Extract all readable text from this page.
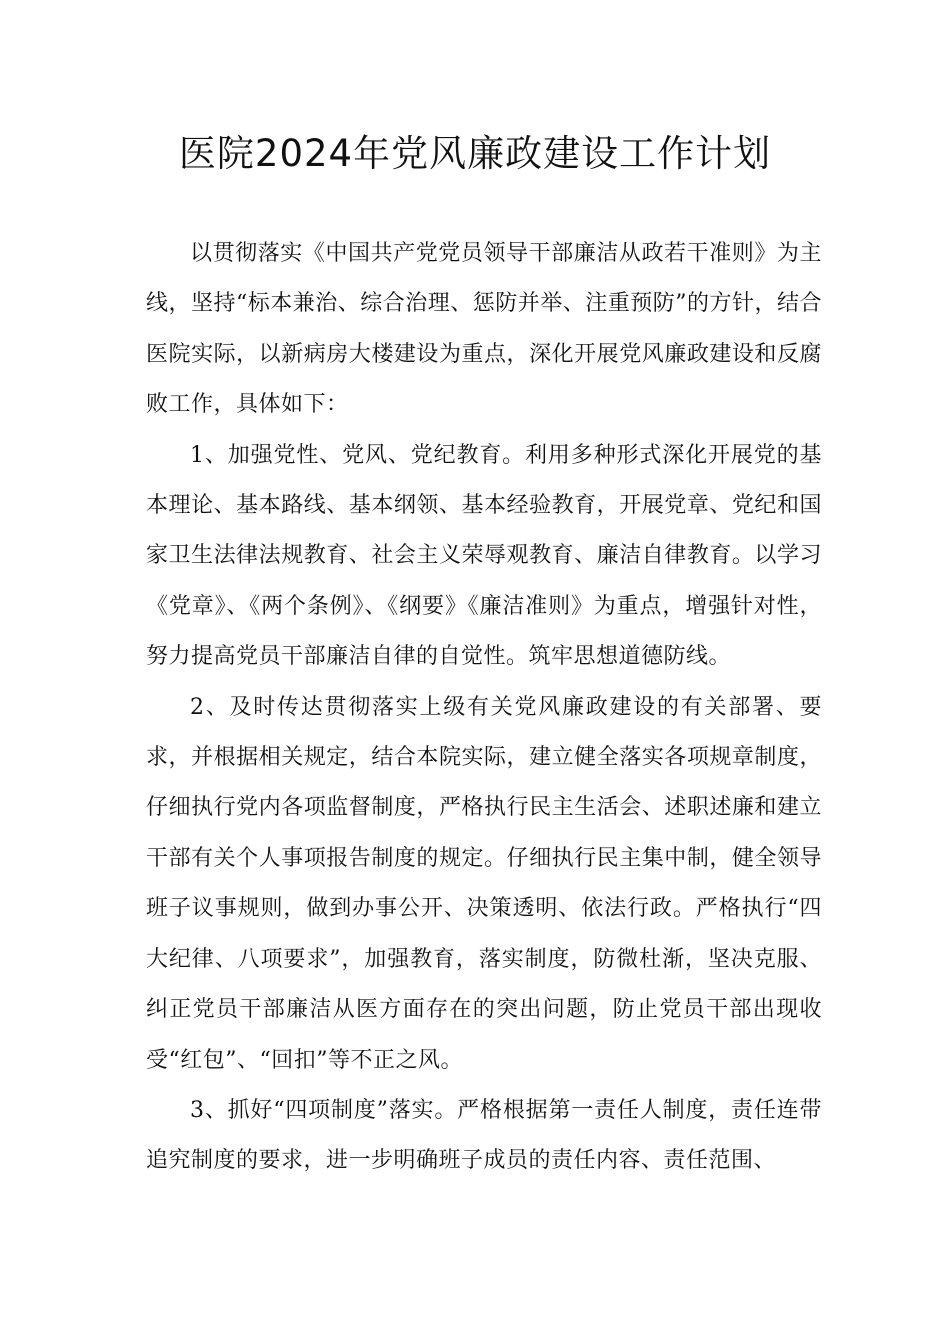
医院2024年党风廉政建设工作计划

以贯彻落实《中国共产党党员领导干部廉洁从政若干准则》为主线，坚持“标本兼治、综合治理、惩防并举、注重预防”的方针，结合医院实际，以新病房大楼建设为重点，深化开展党风廉政建设和反腐败工作，具体如下：

1、加强党性、党风、党纪教育。利用多种形式深化开展党的基本理论、基本路线、基本纲领、基本经验教育，开展党章、党纪和国家卫生法律法规教育、社会主义荣辱观教育、廉洁自律教育。以学习《党章》、《两个条例》、《纲要》《廉洁准则》为重点，增强针对性，努力提高党员干部廉洁自律的自觉性。筑牢思想道德防线。

2、及时传达贯彻落实上级有关党风廉政建设的有关部署、要求，并根据相关规定，结合本院实际，建立健全落实各项规章制度，仔细执行党内各项监督制度，严格执行民主生活会、述职述廉和建立干部有关个人事项报告制度的规定。仔细执行民主集中制，健全领导班子议事规则，做到办事公开、决策透明、依法行政。严格执行“四大纪律、八项要求”，加强教育，落实制度，防微杜渐，坚决克服、纠正党员干部廉洁从医方面存在的突出问题，防止党员干部出现收受“红包”、“回扣”等不正之风。

3、抓好“四项制度”落实。严格根据第一责任人制度，责任连带追究制度的要求，进一步明确班子成员的责任内容、责任范围、
